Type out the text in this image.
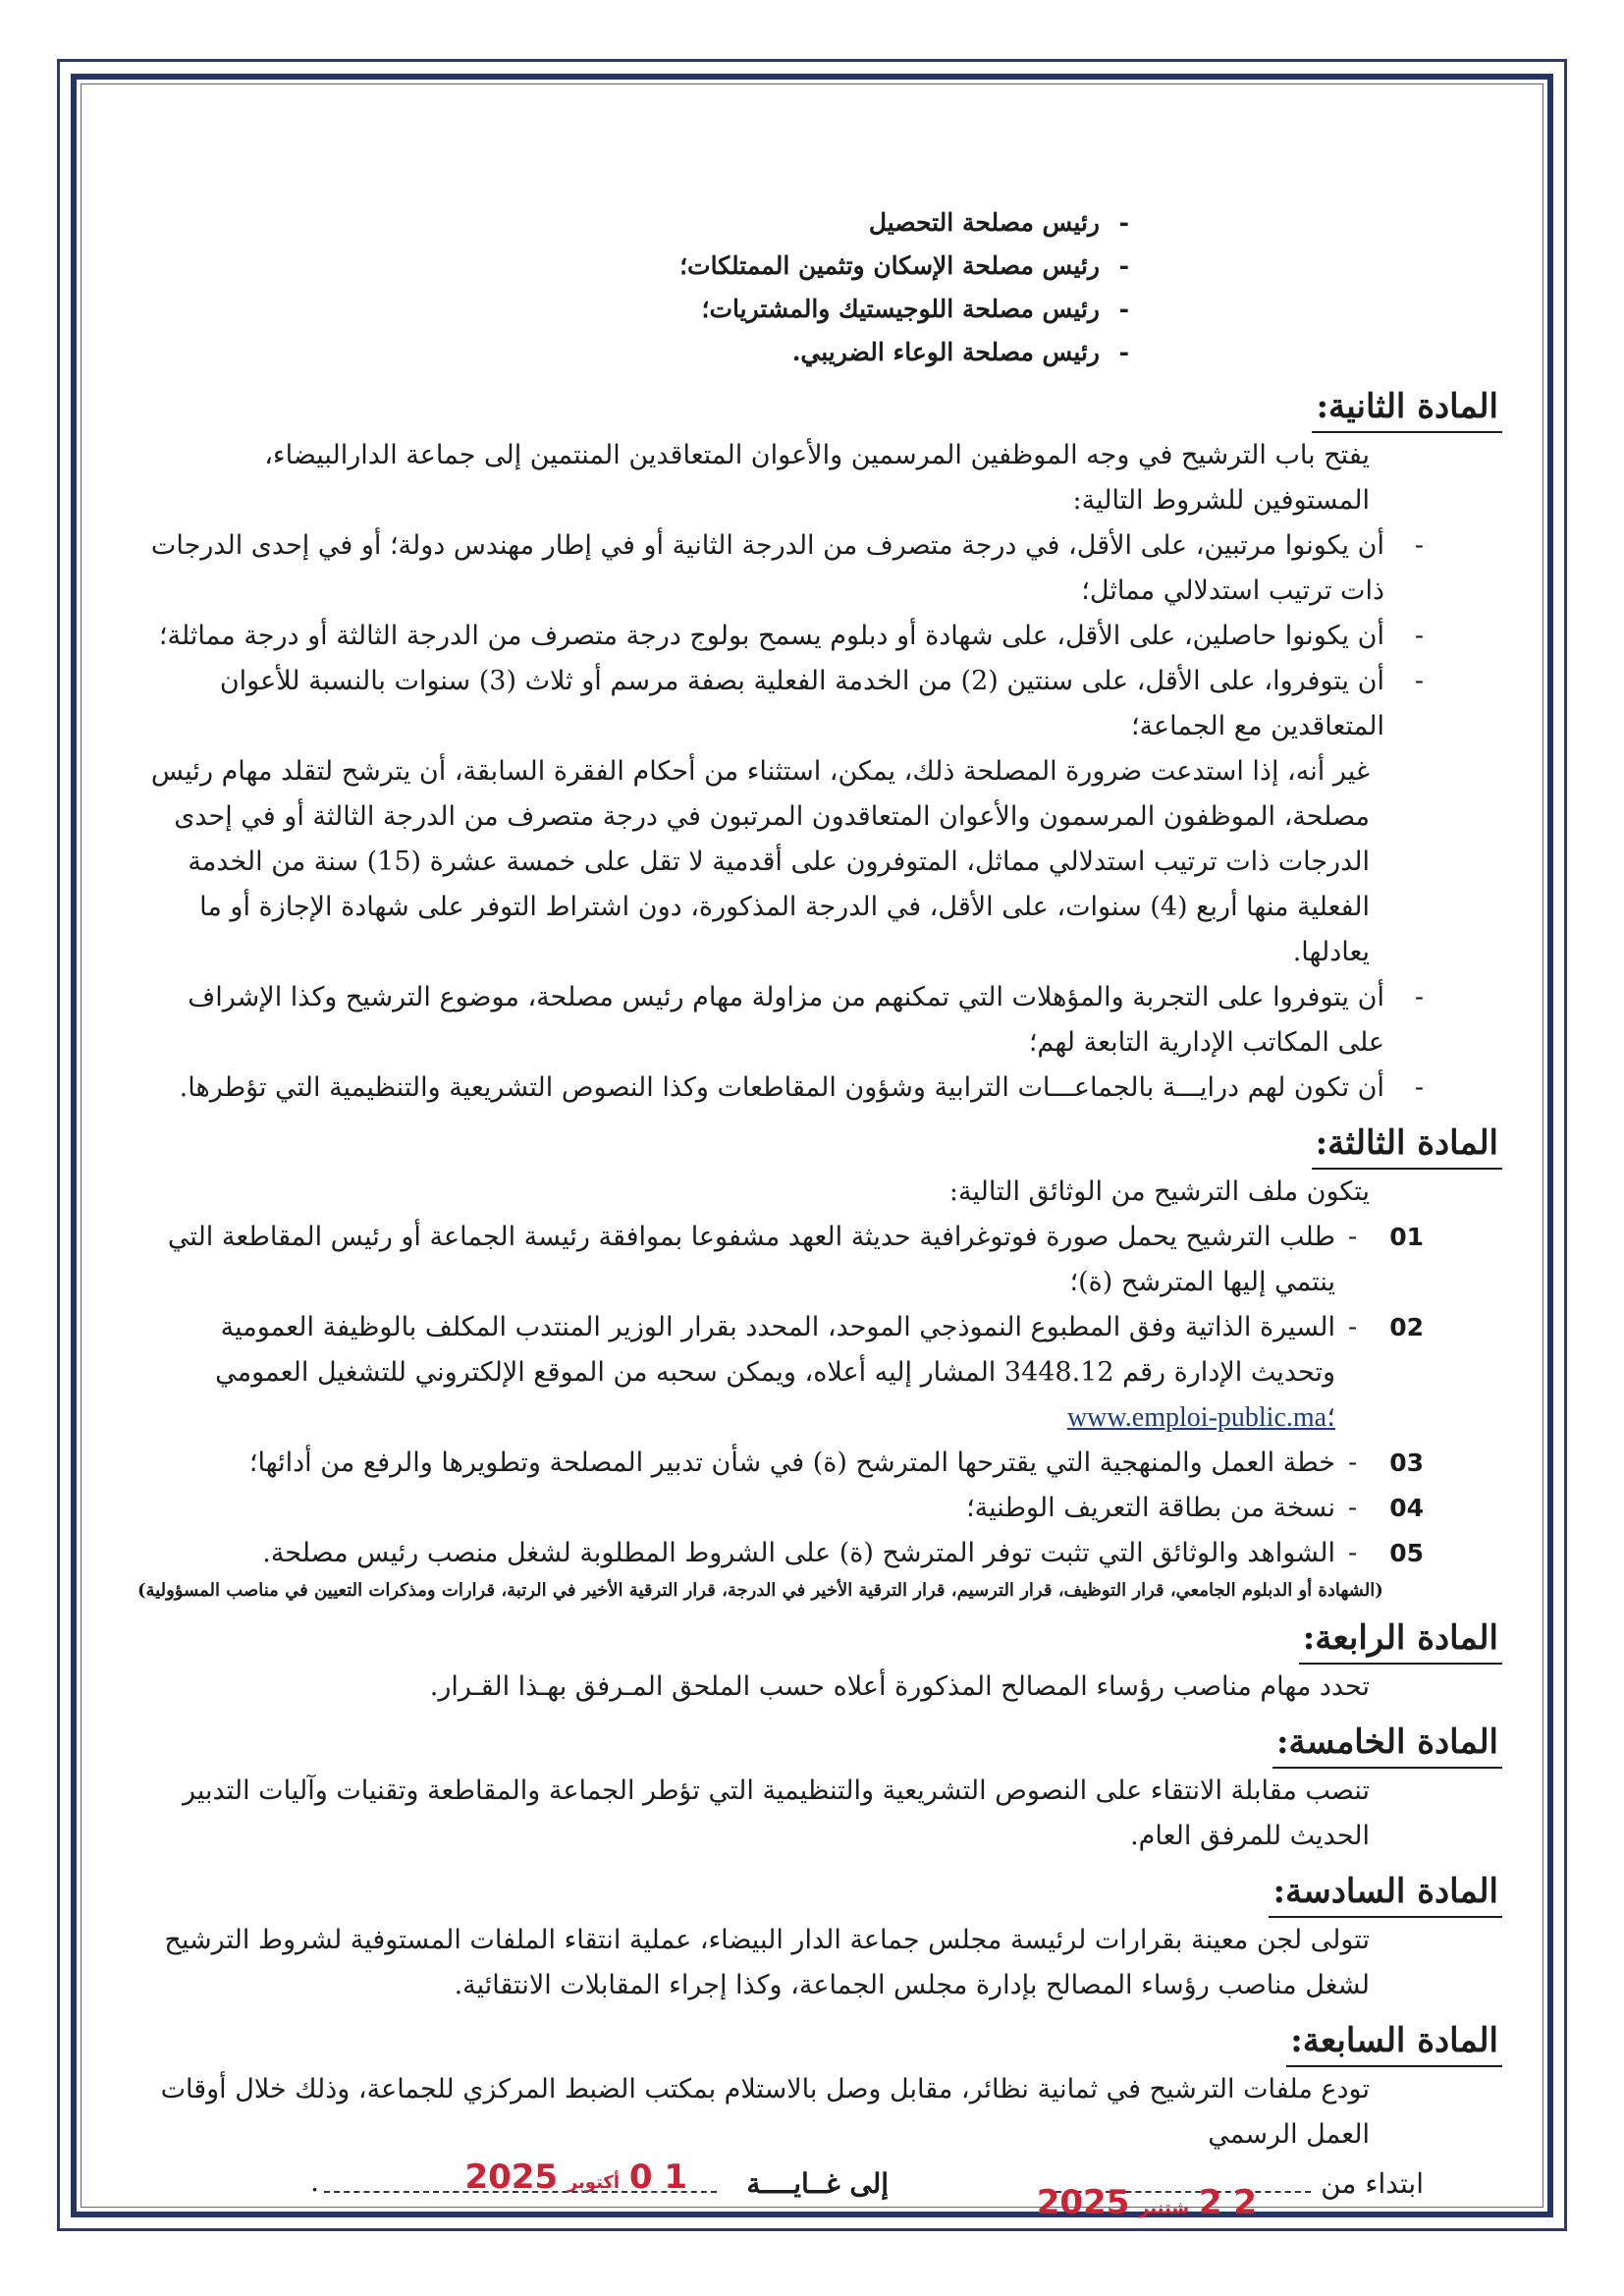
- رئيس مصلحة التحصيل
- رئيس مصلحة الإسكان وتثمين الممتلكات؛
- رئيس مصلحة اللوجيستيك والمشتريات؛
- رئيس مصلحة الوعاء الضريبي.
المادة الثانية:
يفتح باب الترشيح في وجه الموظفين المرسمين والأعوان المتعاقدين المنتمين إلى جماعة الدارالبيضاء، المستوفين للشروط التالية:
- أن يكونوا مرتبين، على الأقل، في درجة متصرف من الدرجة الثانية أو في إطار مهندس دولة؛ أو في إحدى الدرجات ذات ترتيب استدلالي مماثل؛
- أن يكونوا حاصلين، على الأقل، على شهادة أو دبلوم يسمح بولوج درجة متصرف من الدرجة الثالثة أو درجة مماثلة؛
- أن يتوفروا، على الأقل، على سنتين (2) من الخدمة الفعلية بصفة مرسم أو ثلاث (3) سنوات بالنسبة للأعوان المتعاقدين مع الجماعة؛
غير أنه، إذا استدعت ضرورة المصلحة ذلك، يمكن، استثناء من أحكام الفقرة السابقة، أن يترشح لتقلد مهام رئيس مصلحة، الموظفون المرسمون والأعوان المتعاقدون المرتبون في درجة متصرف من الدرجة الثالثة أو في إحدى الدرجات ذات ترتيب استدلالي مماثل، المتوفرون على أقدمية لا تقل على خمسة عشرة (15) سنة من الخدمة الفعلية منها أربع (4) سنوات، على الأقل، في الدرجة المذكورة، دون اشتراط التوفر على شهادة الإجازة أو ما يعادلها.
- أن يتوفروا على التجربة والمؤهلات التي تمكنهم من مزاولة مهام رئيس مصلحة، موضوع الترشيح وكذا الإشراف على المكاتب الإدارية التابعة لهم؛
- أن تكون لهم درايـــة بالجماعـــات الترابية وشؤون المقاطعات وكذا النصوص التشريعية والتنظيمية التي تؤطرها.
المادة الثالثة:
يتكون ملف الترشيح من الوثائق التالية:
01
-
طلب الترشيح يحمل صورة فوتوغرافية حديثة العهد مشفوعا بموافقة رئيسة الجماعة أو رئيس المقاطعة التي ينتمي إليها المترشح (ة)؛
02
-
السيرة الذاتية وفق المطبوع النموذجي الموحد، المحدد بقرار الوزير المنتدب المكلف بالوظيفة العمومية وتحديث الإدارة رقم 3448.12 المشار إليه أعلاه، ويمكن سحبه من الموقع الإلكتروني للتشغيل العمومي www.emploi-public.ma؛
03
-
خطة العمل والمنهجية التي يقترحها المترشح (ة) في شأن تدبير المصلحة وتطويرها والرفع من أدائها؛
04
-
نسخة من بطاقة التعريف الوطنية؛
05
-
الشواهد والوثائق التي تثبت توفر المترشح (ة) على الشروط المطلوبة لشغل منصب رئيس مصلحة.
(الشهادة أو الدبلوم الجامعي، قرار التوظيف، قرار الترسيم، قرار الترقية الأخير في الدرجة، قرار الترقية الأخير في الرتبة، قرارات ومذكرات التعيين في مناصب المسؤولية)
المادة الرابعة:
تحدد مهام مناصب رؤساء المصالح المذكورة أعلاه حسب الملحق المـرفق بهـذا القـرار.
المادة الخامسة:
تنصب مقابلة الانتقاء على النصوص التشريعية والتنظيمية التي تؤطر الجماعة والمقاطعة وتقنيات وآليات التدبير الحديث للمرفق العام.
المادة السادسة:
تتولى لجن معينة بقرارات لرئيسة مجلس جماعة الدار البيضاء، عملية انتقاء الملفات المستوفية لشروط الترشيح لشغل مناصب رؤساء المصالح بإدارة مجلس الجماعة، وكذا إجراء المقابلات الانتقائية.
المادة السابعة:
تودع ملفات الترشيح في ثمانية نظائر، مقابل وصل بالاستلام بمكتب الضبط المركزي للجماعة، وذلك خلال أوقات العمل الرسمي
ابتداء من
2 2 شتنبر 2025
إلى غــايــــة
1 0 أكتوبر 2025
.
